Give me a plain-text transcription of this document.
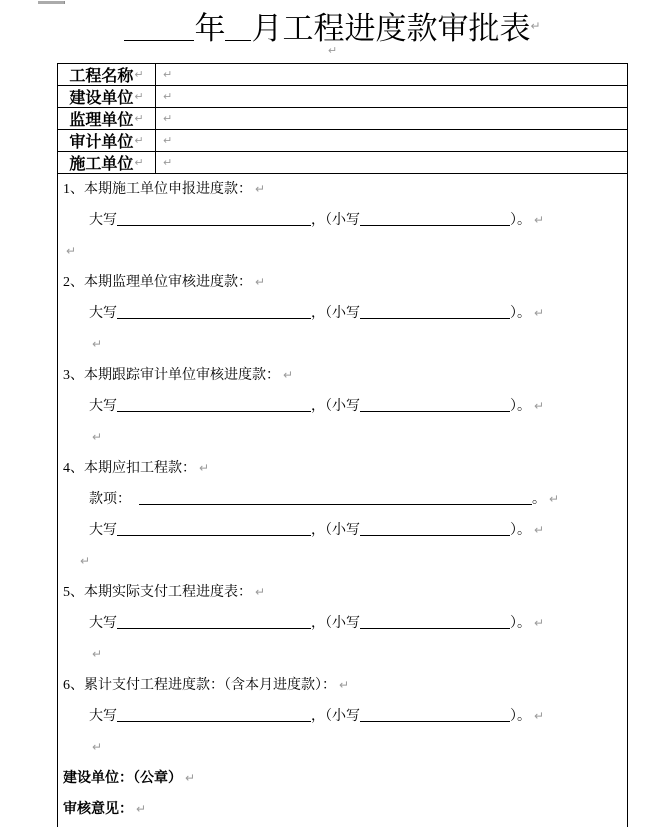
年 月工程进度款审批表↵
↵
工程名称 ↵ ↵
建设单位 ↵ ↵
监理单位 ↵ ↵
审计单位 ↵ ↵
施工单位 ↵ ↵

1、本期施工单位申报进度款： ↵

大写	，（小写	）。 ↵

↵

2、本期监理单位审核进度款： ↵

大写	，（小写	）。 ↵

↵

3、本期跟踪审计单位审核进度款： ↵

大写	，（小写	）。 ↵

↵

4、本期应扣工程款： ↵

款项：	。 ↵

大写	，（小写	）。 ↵

↵

5、本期实际支付工程进度表： ↵

大写	，（小写	）。 ↵

↵

6、累计支付工程进度款：（含本月进度款）： ↵

大写	，（小写	）。 ↵

↵

建设单位：（公章） ↵

审核意见： ↵
